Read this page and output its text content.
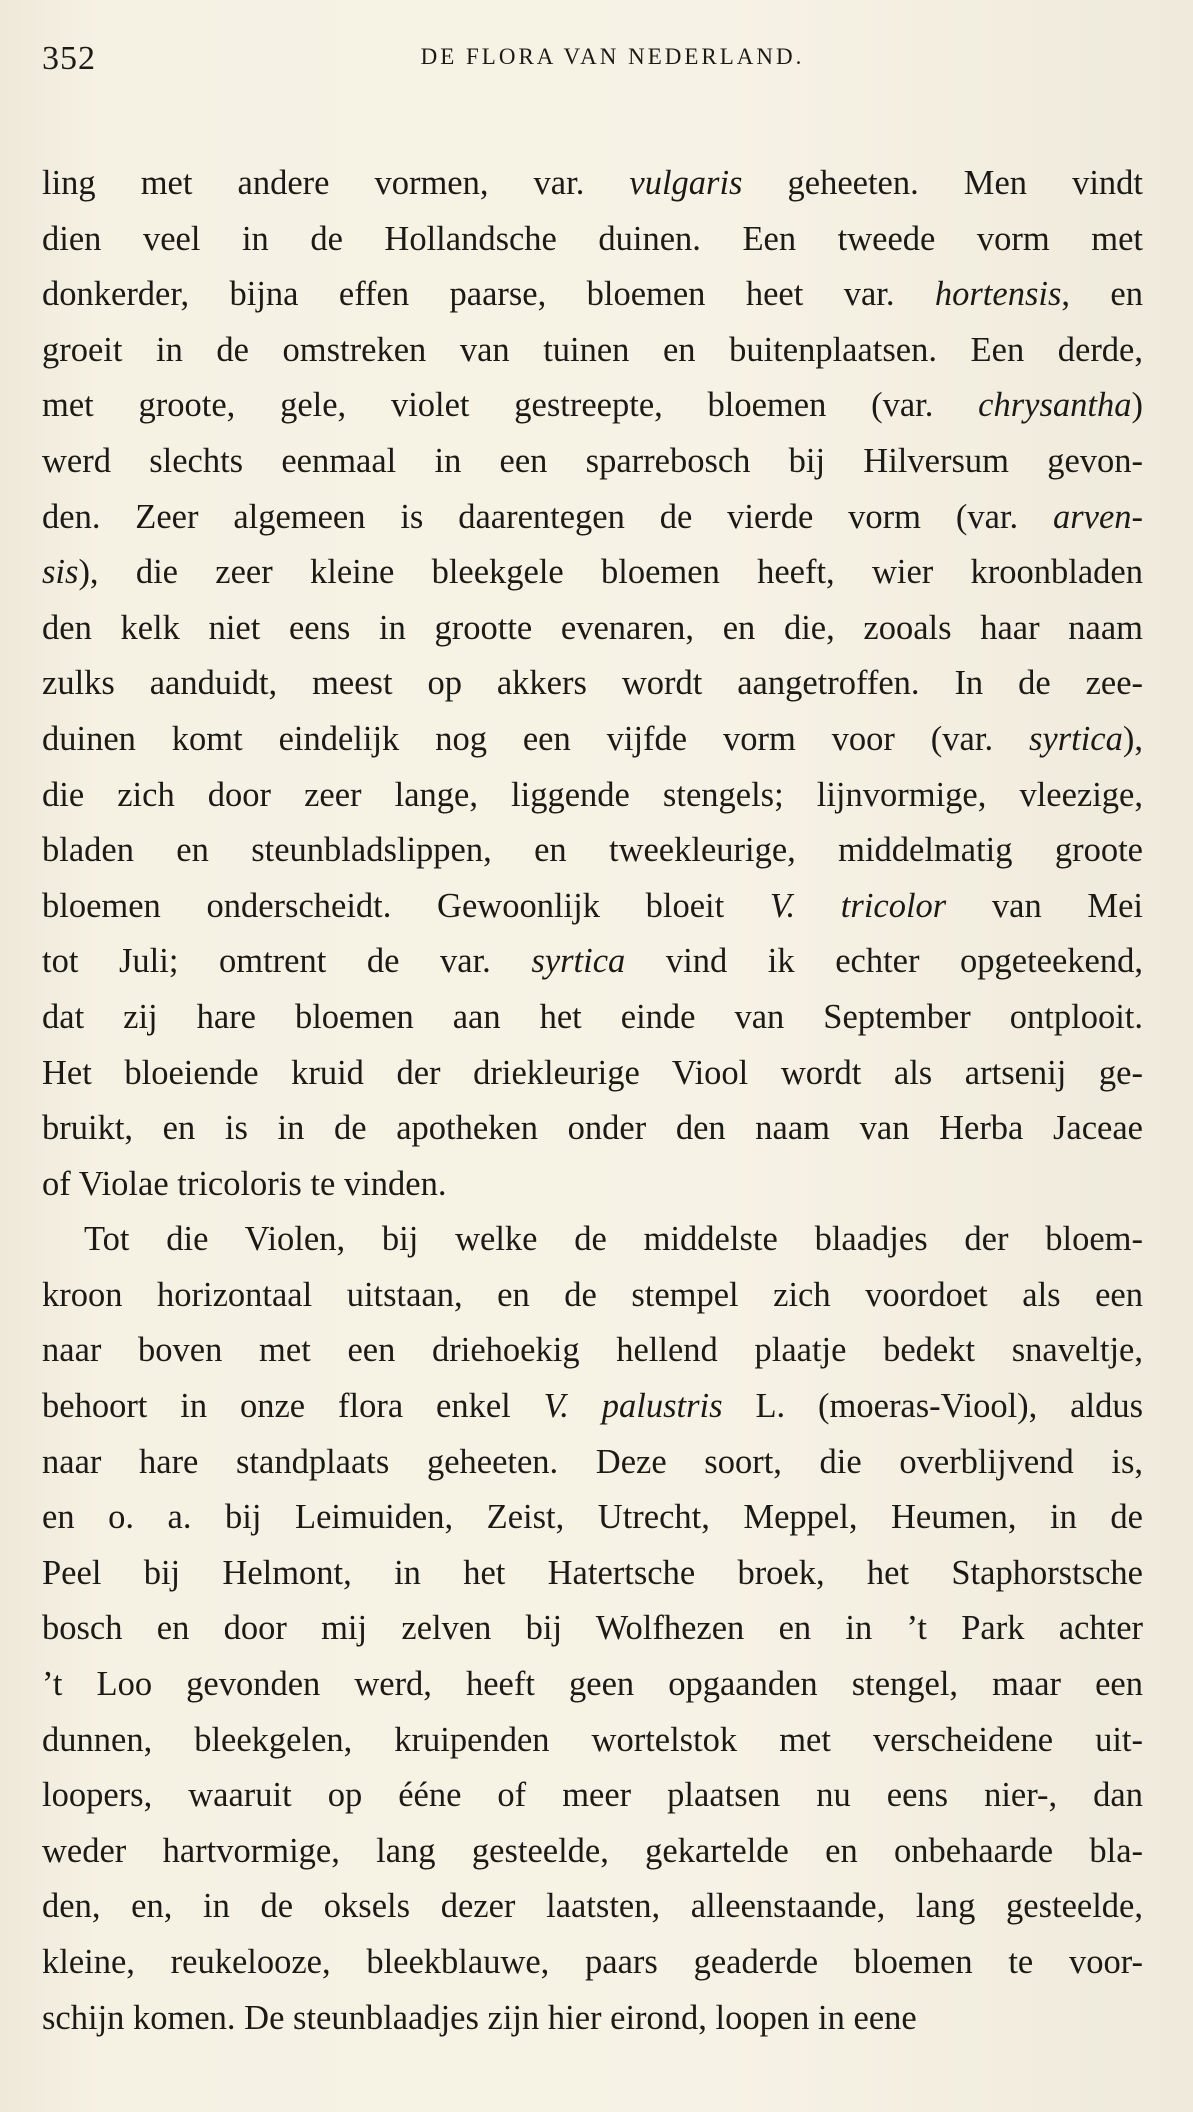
352	DE FLORA VAN NEDERLAND.
ling met andere vormen, var. vulgaris geheeten. Men vindt
dien veel in de Hollandsche duinen. Een tweede vorm met
donkerder, bijna effen paarse, bloemen heet var. hortensis, en
groeit in de omstreken van tuinen en buitenplaatsen. Een derde,
met groote, gele, violet gestreepte, bloemen (var. chrysantha)
werd slechts eenmaal in een sparrebosch bij Hilversum gevon-
den. Zeer algemeen is daarentegen de vierde vorm (var. arven-
sis), die zeer kleine bleekgele bloemen heeft, wier kroonbladen
den kelk niet eens in grootte evenaren, en die, zooals haar naam
zulks aanduidt, meest op akkers wordt aangetroffen. In de zee-
duinen komt eindelijk nog een vijfde vorm voor (var. syrtica),
die zich door zeer lange, liggende stengels; lijnvormige, vleezige,
bladen en steunbladslippen, en tweekleurige, middelmatig groote
bloemen onderscheidt. Gewoonlijk bloeit V. tricolor van Mei
tot Juli; omtrent de var. syrtica vind ik echter opgeteekend,
dat zij hare bloemen aan het einde van September ontplooit.
Het bloeiende kruid der driekleurige Viool wordt als artsenij ge-
bruikt, en is in de apotheken onder den naam van Herba Jaceae
of Violae tricoloris te vinden.
Tot die Violen, bij welke de middelste blaadjes der bloem-
kroon horizontaal uitstaan, en de stempel zich voordoet als een
naar boven met een driehoekig hellend plaatje bedekt snaveltje,
behoort in onze flora enkel V. palustris L. (moeras-Viool), aldus
naar hare standplaats geheeten. Deze soort, die overblijvend is,
en o. a. bij Leimuiden, Zeist, Utrecht, Meppel, Heumen, in de
Peel bij Helmont, in het Hatertsche broek, het Staphorstsche
bosch en door mij zelven bij Wolfhezen en in ’t Park achter
’t Loo gevonden werd, heeft geen opgaanden stengel, maar een
dunnen, bleekgelen, kruipenden wortelstok met verscheidene uit-
loopers, waaruit op ééne of meer plaatsen nu eens nier-, dan
weder hartvormige, lang gesteelde, gekartelde en onbehaarde bla-
den, en, in de oksels dezer laatsten, alleenstaande, lang gesteelde,
kleine, reukelooze, bleekblauwe, paars geaderde bloemen te voor-
schijn komen. De steunblaadjes zijn hier eirond, loopen in eene
